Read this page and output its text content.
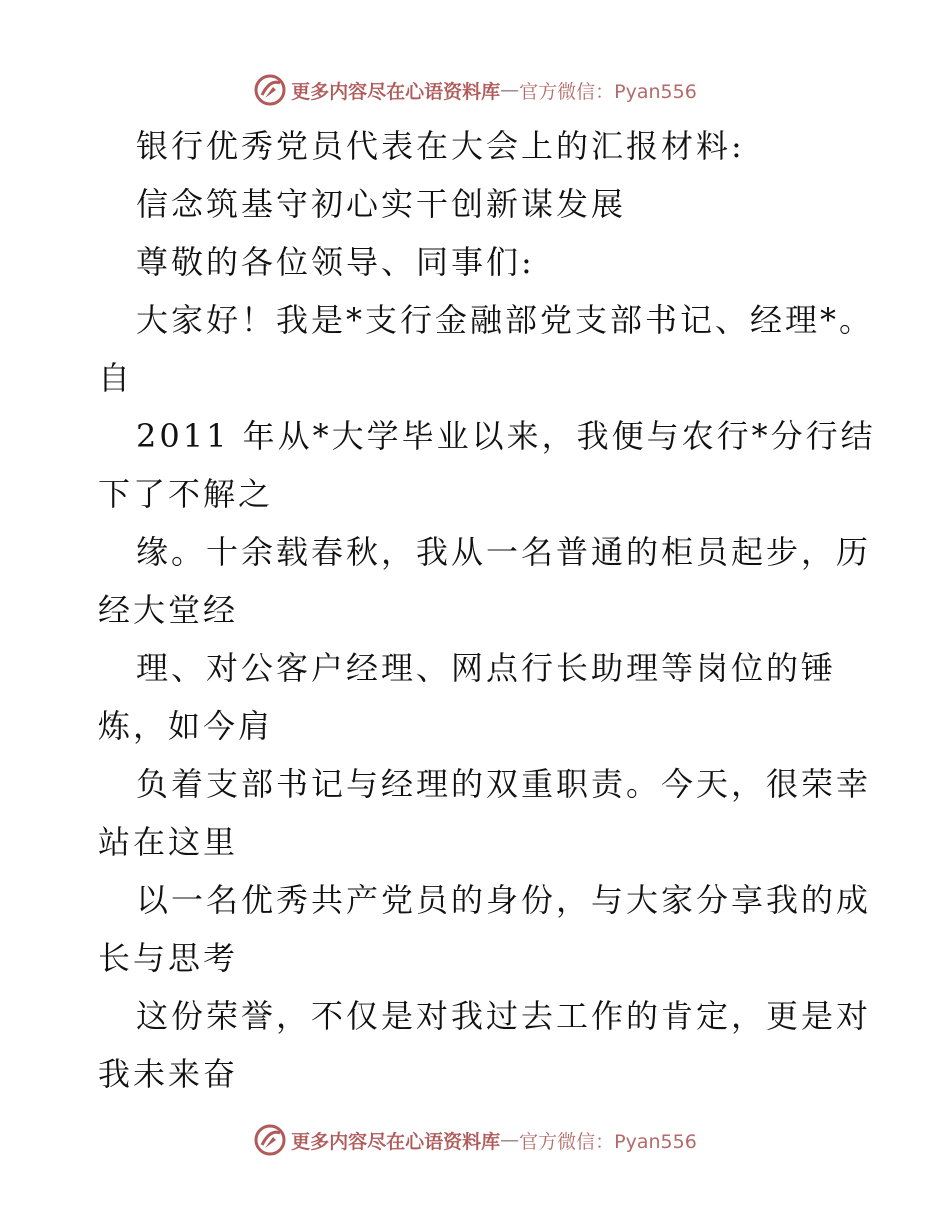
更多内容尽在心语资料库 — 官方微信：Pyan556
银行优秀党员代表在大会上的汇报材料:
信念筑基守初心实干创新谋发展
尊敬的各位领导、同事们:
大家好！我是*支行金融部党支部书记、经理*。
自
2011 年从*大学毕业以来，我便与农行*分行结
下了不解之
缘。十余载春秋，我从一名普通的柜员起步，历
经大堂经
理、对公客户经理、网点行长助理等岗位的锤
炼，如今肩
负着支部书记与经理的双重职责。今天，很荣幸
站在这里
以一名优秀共产党员的身份，与大家分享我的成
长与思考
这份荣誉，不仅是对我过去工作的肯定，更是对
我未来奋
更多内容尽在心语资料库 — 官方微信：Pyan556
